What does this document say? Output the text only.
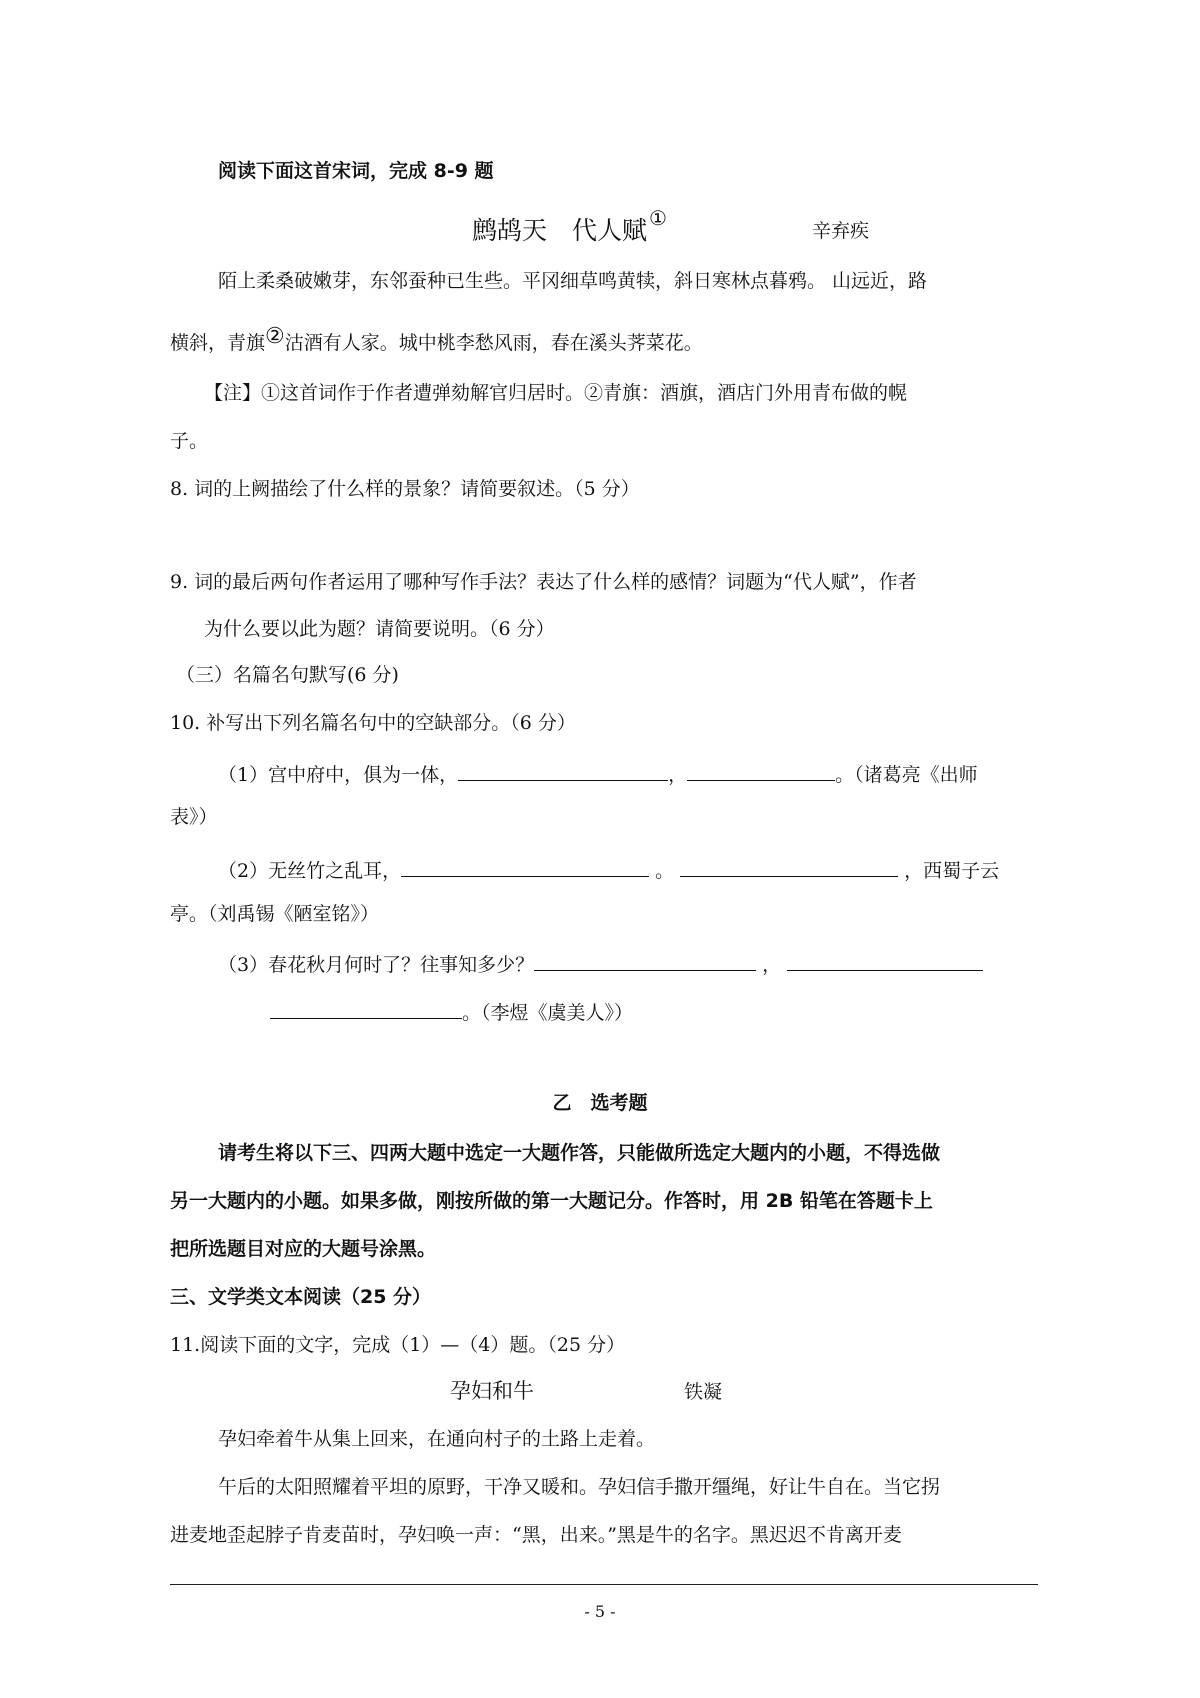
阅读下面这首宋词，完成 8-9 题
鹧鸪天　代人赋 ①
辛弃疾
陌上柔桑破嫩芽，东邻蚕种已生些。平冈细草鸣黄犊，斜日寒林点暮鸦。 山远近，路
横斜，青旗②沽酒有人家。城中桃李愁风雨，春在溪头荠菜花。
【注】①这首词作于作者遭弹劾解官归居时。②青旗：酒旗，酒店门外用青布做的幌
子。
8. 词的上阙描绘了什么样的景象？请简要叙述。（5 分）
9. 词的最后两句作者运用了哪种写作手法？表达了什么样的感情？词题为“代人赋”，作者
为什么要以此为题？请简要说明。（6 分）
（三）名篇名句默写(6 分)
10. 补写出下列名篇名句中的空缺部分。（6 分）
（1）宫中府中，俱为一体，	，	。（诸葛亮《出师
表》）
（2）无丝竹之乱耳，	。	，西蜀子云
亭。（刘禹锡《陋室铭》）
（3）春花秋月何时了？往事知多少？	，
。（李煜《虞美人》）
乙　选考题
请考生将以下三、四两大题中选定一大题作答，只能做所选定大题内的小题，不得选做
另一大题内的小题。如果多做，刚按所做的第一大题记分。作答时，用 2B 铅笔在答题卡上
把所选题目对应的大题号涂黑。
三、文学类文本阅读（25 分）
11.阅读下面的文字，完成（1）—（4）题。（25 分）
孕妇和牛	铁凝
孕妇牵着牛从集上回来，在通向村子的土路上走着。
午后的太阳照耀着平坦的原野，干净又暖和。孕妇信手撒开缰绳，好让牛自在。当它拐
进麦地歪起脖子肯麦苗时，孕妇唤一声：“黑，出来。”黑是牛的名字。黑迟迟不肯离开麦
- 5 -
